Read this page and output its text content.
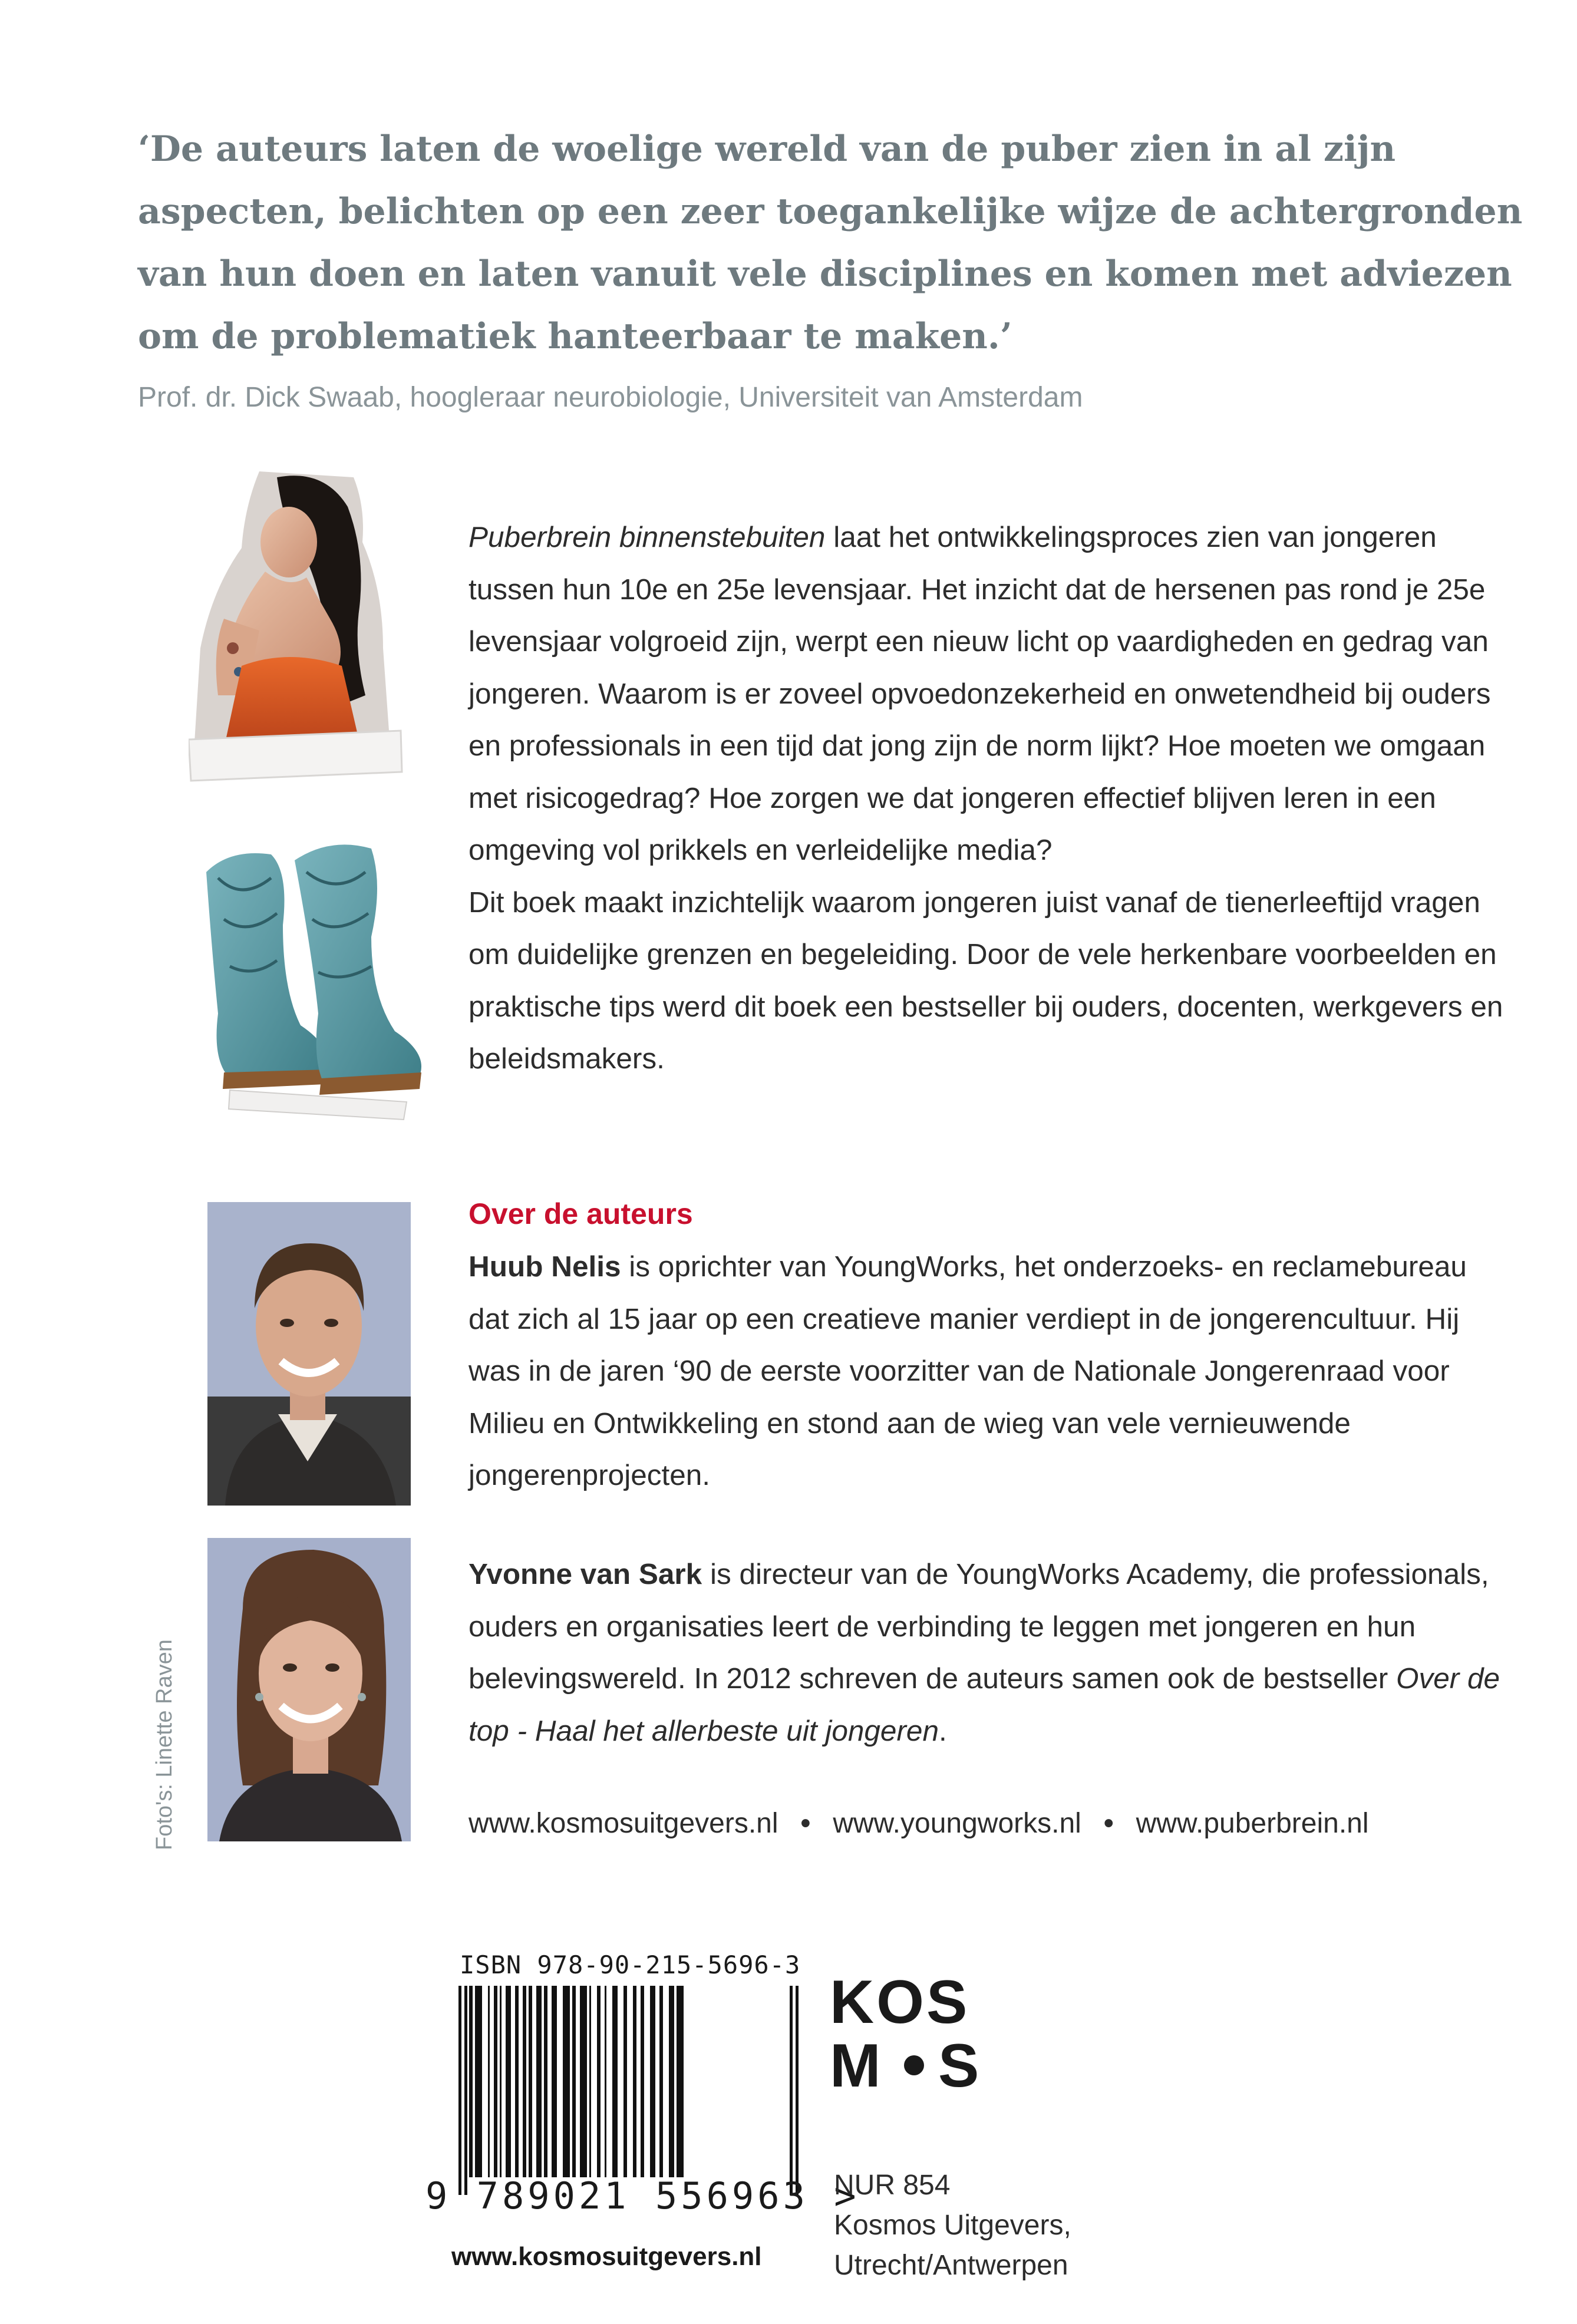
‘De auteurs laten de woelige wereld van de puber zien in al zijn aspecten, belichten op een zeer toegankelijke wijze de achtergronden van hun doen en laten vanuit vele disciplines en komen met adviezen om de problematiek hanteerbaar te maken.’

Prof. dr. Dick Swaab, hoogleraar neurobiologie, Universiteit van Amsterdam

Puberbrein binnenstebuiten laat het ontwikkelingsproces zien van jongeren tussen hun 10e en 25e levensjaar. Het inzicht dat de hersenen pas rond je 25e levensjaar volgroeid zijn, werpt een nieuw licht op vaardigheden en gedrag van jongeren. Waarom is er zoveel opvoedonzekerheid en onwetendheid bij ouders en professionals in een tijd dat jong zijn de norm lijkt? Hoe moeten we omgaan met risicogedrag? Hoe zorgen we dat jongeren effectief blijven leren in een omgeving vol prikkels en verleidelijke media?

Dit boek maakt inzichtelijk waarom jongeren juist vanaf de tienerleeftijd vragen om duidelijke grenzen en begeleiding. Door de vele herkenbare voorbeelden en praktische tips werd dit boek een bestseller bij ouders, docenten, werkgevers en beleidsmakers.

Over de auteurs

Huub Nelis is oprichter van YoungWorks, het onderzoeks- en reclamebureau dat zich al 15 jaar op een creatieve manier verdiept in de jongerencultuur. Hij was in de jaren ‘90 de eerste voorzitter van de Nationale Jongerenraad voor Milieu en Ontwikkeling en stond aan de wieg van vele vernieuwende jongerenprojecten.

Yvonne van Sark is directeur van de YoungWorks Academy, die professionals, ouders en organisaties leert de verbinding te leggen met jongeren en hun belevingswereld. In 2012 schreven de auteurs samen ook de bestseller Over de top - Haal het allerbeste uit jongeren.

Foto's: Linette Raven	www.kosmosuitgevers.nl • www.youngworks.nl • www.puberbrein.nl
ISBN 978-90-215-5696-3
9 789021 556963 >
www.kosmosuitgevers.nl
KOS
M S
NUR 854
Kosmos Uitgevers,
Utrecht/Antwerpen
